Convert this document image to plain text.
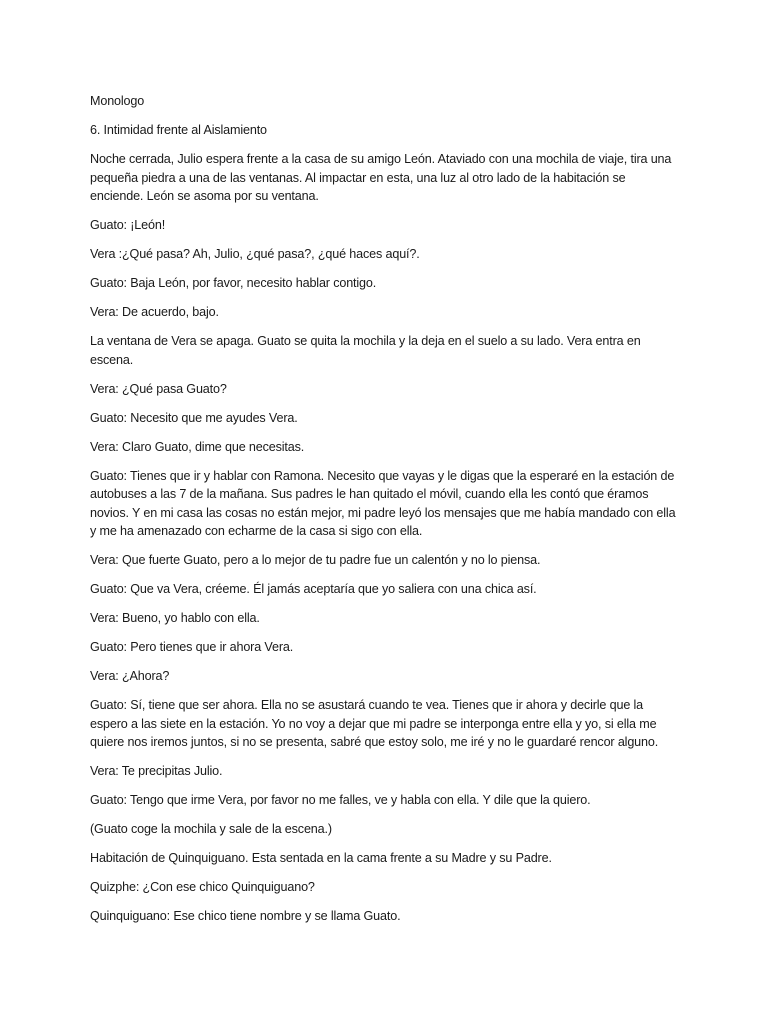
Monologo

6. Intimidad frente al Aislamiento

Noche cerrada, Julio espera frente a la casa de su amigo León. Ataviado con una mochila de viaje, tira una pequeña piedra a una de las ventanas. Al impactar en esta, una luz al otro lado de la habitación se enciende. León se asoma por su ventana.

Guato: ¡León!

Vera :¿Qué pasa? Ah, Julio, ¿qué pasa?, ¿qué haces aquí?.

Guato: Baja León, por favor, necesito hablar contigo.

Vera: De acuerdo, bajo.

La ventana de Vera se apaga. Guato se quita la mochila y la deja en el suelo a su lado. Vera entra en escena.

Vera: ¿Qué pasa Guato?

Guato: Necesito que me ayudes Vera.

Vera: Claro Guato, dime que necesitas.

Guato: Tienes que ir y hablar con Ramona. Necesito que vayas y le digas que la esperaré en la estación de autobuses a las 7 de la mañana. Sus padres le han quitado el móvil, cuando ella les contó que éramos novios. Y en mi casa las cosas no están mejor, mi padre leyó los mensajes que me había mandado con ella y me ha amenazado con echarme de la casa si sigo con ella.

Vera: Que fuerte Guato, pero a lo mejor de tu padre fue un calentón y no lo piensa.

Guato: Que va Vera, créeme. Él jamás aceptaría que yo saliera con una chica así.

Vera: Bueno, yo hablo con ella.

Guato: Pero tienes que ir ahora Vera.

Vera: ¿Ahora?

Guato: Sí, tiene que ser ahora. Ella no se asustará cuando te vea. Tienes que ir ahora y decirle que la espero a las siete en la estación. Yo no voy a dejar que mi padre se interponga entre ella y yo, si ella me quiere nos iremos juntos, si no se presenta, sabré que estoy solo, me iré y no le guardaré rencor alguno.

Vera: Te precipitas Julio.

Guato: Tengo que irme Vera, por favor no me falles, ve y habla con ella. Y dile que la quiero.

(Guato coge la mochila y sale de la escena.)

Habitación de Quinquiguano. Esta sentada en la cama frente a su Madre y su Padre.

Quizphe: ¿Con ese chico Quinquiguano?

Quinquiguano: Ese chico tiene nombre y se llama Guato.
